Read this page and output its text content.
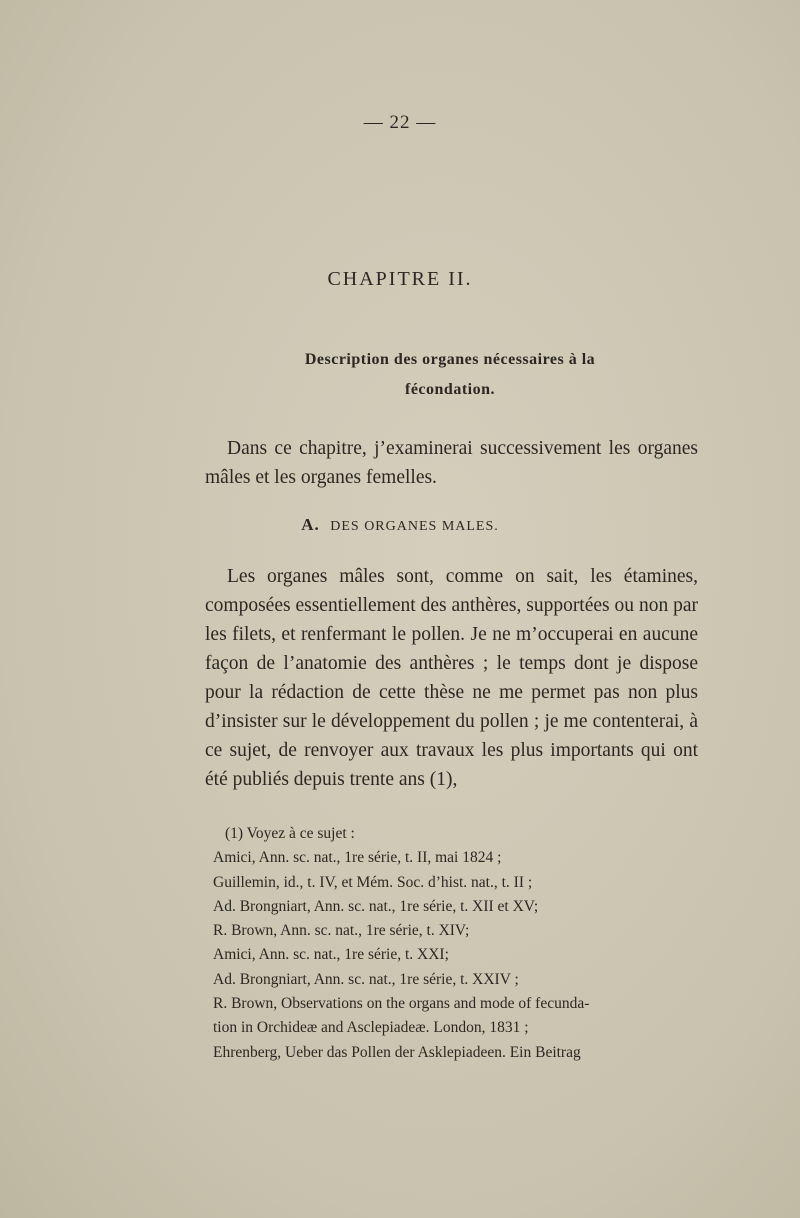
— 22 —
CHAPITRE II.
Description des organes nécessaires à la
fécondation.

Dans ce chapitre, j’examinerai successivement les organes mâles et les organes femelles.

A. DES ORGANES MALES.

Les organes mâles sont, comme on sait, les étamines, composées essentiellement des anthères, supportées ou non par les filets, et renfermant le pollen. Je ne m’occuperai en aucune façon de l’anatomie des anthères ; le temps dont je dispose pour la rédaction de cette thèse ne me permet pas non plus d’insister sur le développement du pollen ; je me contenterai, à ce sujet, de renvoyer aux travaux les plus importants qui ont été publiés depuis trente ans (1),

(1) Voyez à ce sujet :
Amici, Ann. sc. nat., 1re série, t. II, mai 1824 ;
Guillemin, id., t. IV, et Mém. Soc. d’hist. nat., t. II ;
Ad. Brongniart, Ann. sc. nat., 1re série, t. XII et XV;
R. Brown, Ann. sc. nat., 1re série, t. XIV;
Amici, Ann. sc. nat., 1re série, t. XXI;
Ad. Brongniart, Ann. sc. nat., 1re série, t. XXIV ;
R. Brown, Observations on the organs and mode of fecunda-
tion in Orchideæ and Asclepiadeæ. London, 1831 ;
Ehrenberg, Ueber das Pollen der Asklepiadeen. Ein Beitrag
